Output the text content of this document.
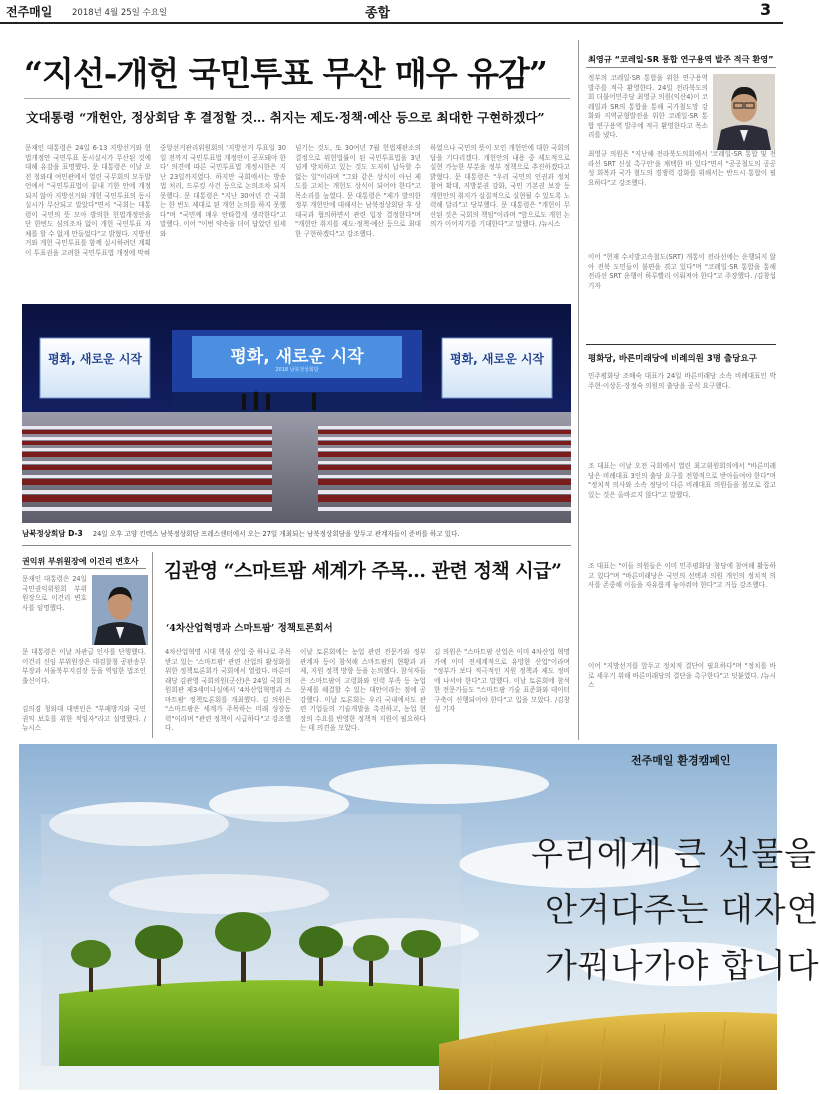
전주매일 2018년 4월 25일 수요일	종합	3
“지선-개헌 국민투표 무산 매우 유감”
文대통령 “개헌안, 정상회담 후 결정할 것… 취지는 제도·정책·예산 등으로 최대한 구현하겠다”
문재인 대통령은 24일 6·13 지방선거와 헌법개정안 국민투표 동시실시가 무산된 것에 대해 유감을 표명했다. 문 대통령은 이날 오전 청와대 여민관에서 열린 국무회의 모두발언에서 "국민투표법이 끝내 기한 안에 개정되지 않아 지방선거와 개헌 국민투표의 동시실시가 무산되고 말았다"면서 "국회는 대통령이 국민의 뜻 모아 발의한 헌법개정안을 단 한번도 심의조차 없이 개헌 국민투표 자체를 할 수 없게 만들었다"고 밝혔다. 지방선거와 개헌 국민투표를 함께 실시하려던 계획이 투표권을 고려한 국민투표법 개정에 막혀
중앙선거관리위원회의 '지방선거 투표일 30일 전까지 국민투표법 개정안이 공포돼야 한다' 의견에 따른 국민투표법 개정시한은 지난 23일까지였다. 하지만 국회에서는 방송법 처리, 드루킹 사건 등으로 논의조차 되지 못했다. 문 대통령은 "지난 30여년 간 국회는 한 번도 제대로 된 개헌 논의를 하지 못했다"며 "국민께 매우 안타깝게 생각한다"고 말했다. 이어 "이번 약속을 더이 답았던 임세와
넘기는 것도, 또 30여년 7월 헌법재판소의 결정으로 위헌법률이 된 국민투표법을 3년 넘게 방치하고 있는 것도 도저히 납득할 수 없는 일"이라며 "그와 같은 상식이 아닌 제도를 고치는 개헌도 상식이 되어야 한다"고 목소리를 높였다. 문 대통령은 "제가 발의한 정부 개헌안에 대해서는 남북정상회담 후 상대국과 협의하면서 관련 입장 결정한다"며 "개헌안 취지를 제도·정책·예산 등으로 최대한 구현하겠다"고 강조했다.
하였으나 국민의 뜻이 모인 개헌안에 대한 국회의 답을 기다리겠다. 개헌안의 내용 중 제도적으로 실현 가능한 부분을 정부 정책으로 추진하겠다고 밝혔다. 문 대통령은 "우리 국민의 인권과 정치 참여 확대, 지방분권 강화, 국민 기본권 보장 등 개헌안의 취지가 실질적으로 실현될 수 있도록 노력해 달라"고 당부했다. 문 대통령은 "개헌이 무산된 것은 국회의 책임"이라며 "앞으로도 개헌 논의가 이어지기를 기대한다"고 말했다. /뉴시스
평화, 새로운 시작	평화, 새로운 시작
2018 남북정상회담
평화, 새로운 시작
남북정상회담 D-3 24일 오후 고양 킨텍스 남북정상회담 프레스센터에서 오는 27일 개최되는 남북정상회담을 앞두고 관계자들이 준비를 하고 있다.
최영규 “코레일·SR 통합 연구용역 발주 적극 환영”
정부의 코레일·SR 통합을 위한 연구용역 발주를 적극 환영한다. 24일 전라북도의회 더불어민주당 최영규 의원(익산4)이 코레일과 SR의 통합을 통해 국가철도망 강화와 지역균형발전을 위한 코레일·SR 통합 연구용역 발주에 적극 환영한다고 목소리를 냈다.
최영규 의원은 "지난해 전라북도의회에서 '코레일-SR 통합 및 전라선 SRT 신설 촉구안'을 채택한 바 있다"면서 "공공철도의 공공성 회복과 국가 철도의 경쟁력 강화를 위해서는 반드시 통합이 필요하다"고 강조했다.
이어 "현재 수서발고속철도(SRT) 개통이 전라선에는 운행되지 않아 전북 도민들이 불편을 겪고 있다"며 "코레일·SR 통합을 통해 전라선 SRT 운행이 하루빨리 이뤄져야 한다"고 주장했다. /김창섭 기자
평화당, 바른미래당에 비례의원 3명 출당요구
민주평화당 조배숙 대표가 24일 바른미래당 소속 비례대표인 박주현·이상돈·장정숙 의원의 출당을 공식 요구했다.
조 대표는 이날 오전 국회에서 열린 최고위원회의에서 "바른미래당은 비례대표 3인의 출당 요구를 전향적으로 받아들여야 한다"며 "정치적 의사와 소속 정당이 다른 비례대표 의원들을 볼모로 잡고 있는 것은 올바르지 않다"고 말했다.
조 대표는 "이들 의원들은 이미 민주평화당 창당에 참여해 활동하고 있다"며 "바른미래당은 국민의 선택과 의원 개인의 정치적 의사를 존중해 이들을 자유롭게 놓아줘야 한다"고 거듭 강조했다.
이어 "지방선거를 앞두고 정치적 결단이 필요하다"며 "정치를 바로 세우기 위해 바른미래당의 결단을 촉구한다"고 덧붙였다. /뉴시스
권익위 부위원장에 이건리 변호사
문재인 대통령은 24일 국민권익위원회 부위원장으로 이건리 변호사를 임명했다.
문 대통령은 이날 차관급 인사를 단행했다. 이건리 신임 부위원장은 대검찰청 공판송무부장과 서울북부지검장 등을 역임한 법조인 출신이다.
김의겸 청와대 대변인은 "부패방지와 국민 권익 보호를 위한 적임자"라고 설명했다. /뉴시스
김관영 “스마트팜 세계가 주목… 관련 정책 시급”
‘4차산업혁명과 스마트팜’ 정책토론회서
4차산업혁명 시대 핵심 산업 중 하나로 주목받고 있는 '스마트팜' 관련 산업의 활성화를 위한 정책토론회가 국회에서 열렸다. 바른미래당 김관영 국회의원(군산)은 24일 국회 의원회관 제3세미나실에서 '4차산업혁명과 스마트팜' 정책토론회를 개최했다. 김 의원은 "스마트팜은 세계가 주목하는 미래 성장동력"이라며 "관련 정책이 시급하다"고 강조했다.
이날 토론회에는 농업 관련 전문가와 정부 관계자 등이 참석해 스마트팜의 현황과 과제, 지원 정책 방향 등을 논의했다. 참석자들은 스마트팜이 고령화와 인력 부족 등 농업 문제를 해결할 수 있는 대안이라는 점에 공감했다. 이날 토론회는 우리 국내에서도 관련 기업들의 기술개발을 촉진하고, 농업 현장의 수요를 반영한 정책적 지원이 필요하다는 데 의견을 모았다.
김 의원은 "스마트팜 산업은 이미 4차산업 혁명가에 이미 전세계적으로 유망한 산업"이라며 "정부가 보다 적극적인 지원 정책과 제도 정비에 나서야 한다"고 말했다. 이날 토론회에 참석한 전문가들도 "스마트팜 기술 표준화와 데이터 구축이 선행되어야 한다"고 입을 모았다. /김창섭 기자
전주매일 환경캠페인
우리에게 큰 선물을
안겨다주는 대자연
가꿔나가야 합니다
